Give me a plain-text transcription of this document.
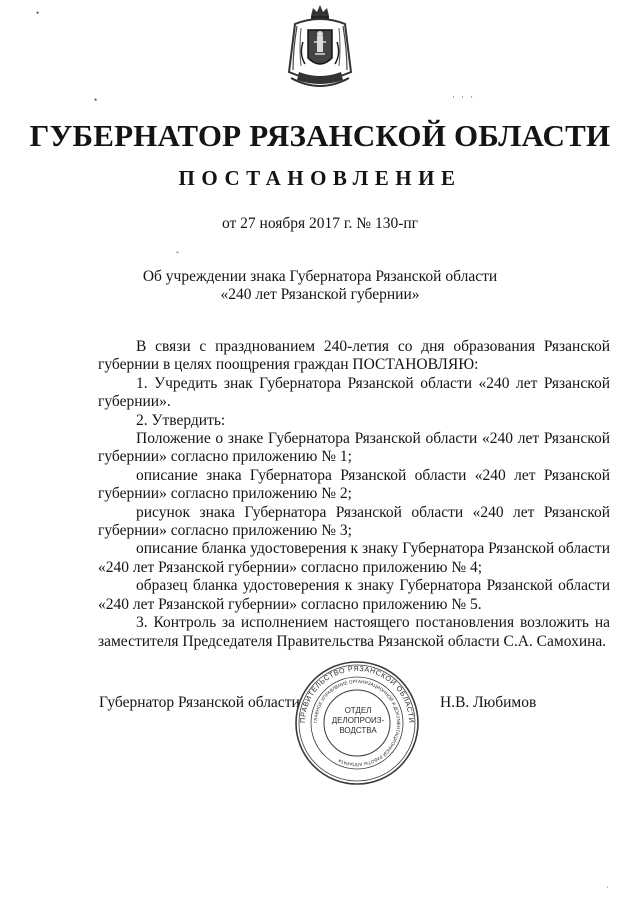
•
•	···
ˇ
ГУБЕРНАТОР РЯЗАНСКОЙ ОБЛАСТИ
ПОСТАНОВЛЕНИЕ
от 27 ноября 2017 г. № 130-пг
Об учреждении знака Губернатора Рязанской области
«240 лет Рязанской губернии»

В связи с празднованием 240-летия со дня образования Рязанской губернии в целях поощрения граждан ПОСТАНОВЛЯЮ:

1. Учредить знак Губернатора Рязанской области «240 лет Рязанской губернии».

2. Утвердить:

Положение о знаке Губернатора Рязанской области «240 лет Рязанской губернии» согласно приложению № 1;

описание знака Губернатора Рязанской области «240 лет Рязанской губернии» согласно приложению № 2;

рисунок знака Губернатора Рязанской области «240 лет Рязанской губернии» согласно приложению № 3;

описание бланка удостоверения к знаку Губернатора Рязанской области «240 лет Рязанской губернии» согласно приложению № 4;

образец бланка удостоверения к знаку Губернатора Рязанской области «240 лет Рязанской губернии» согласно приложению № 5.

3. Контроль за исполнением настоящего постановления возложить на заместителя Председателя Правительства Рязанской области С.А. Самохина.

ПРАВИТЕЛЬСТВО РЯЗАНСКОЙ ОБЛАСТИ
ГЛАВНОЕ УПРАВЛЕНИЕ ОРГАНИЗАЦИОННОЙ И ДОКУМЕНТАЦИОННОЙ РАБОТЫ АППАРАТА
ОТДЕЛ
ДЕЛОПРОИЗ-
ВОДСТВА
Губернатор Рязанской области	Н.В. Любимов
ˌ
